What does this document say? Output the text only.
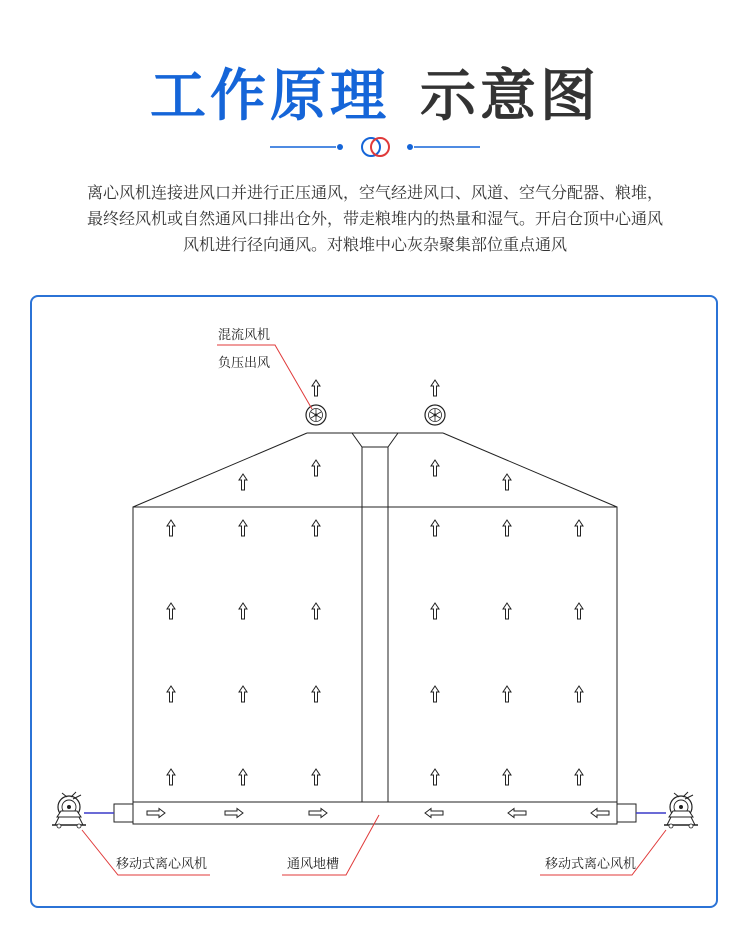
工作原理 示意图
离心风机连接进风口并进行正压通风，空气经进风口、风道、空气分配器、粮堆，
最终经风机或自然通风口排出仓外，带走粮堆内的热量和湿气。开启仓顶中心通风
风机进行径向通风。对粮堆中心灰杂聚集部位重点通风
混流风机
负压出风
移动式离心风机	通风地槽	移动式离心风机
